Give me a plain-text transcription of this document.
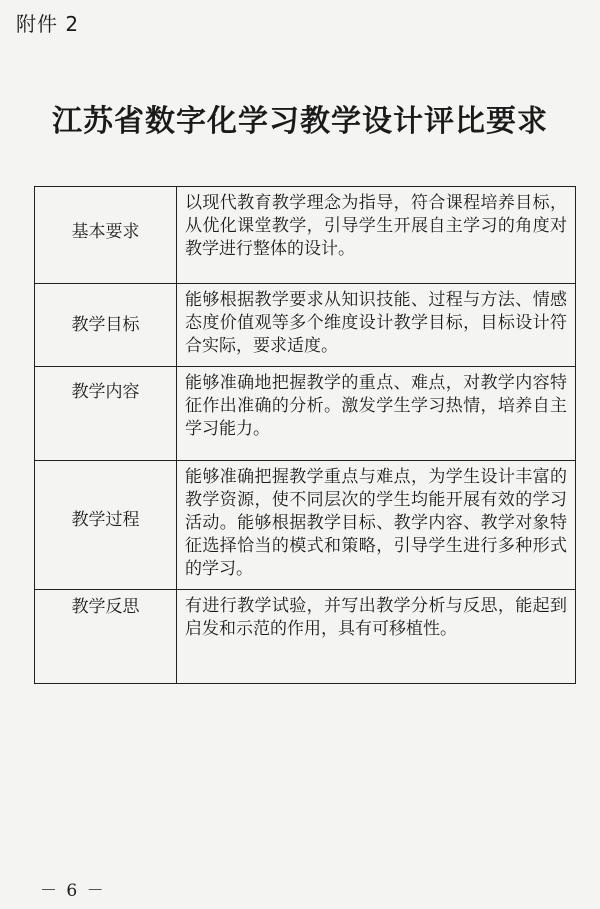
附件 2
江苏省数字化学习教学设计评比要求
基本要求	以现代教育教学理念为指导，符合课程培养目标，从优化课堂教学，引导学生开展自主学习的角度对教学进行整体的设计。
教学目标	能够根据教学要求从知识技能、过程与方法、情感态度价值观等多个维度设计教学目标，目标设计符合实际，要求适度。
教学内容	能够准确地把握教学的重点、难点，对教学内容特征作出准确的分析。激发学生学习热情，培养自主学习能力。
教学过程	能够准确把握教学重点与难点，为学生设计丰富的教学资源，使不同层次的学生均能开展有效的学习活动。能够根据教学目标、教学内容、教学对象特征选择恰当的模式和策略，引导学生进行多种形式的学习。
教学反思	有进行教学试验，并写出教学分析与反思，能起到启发和示范的作用，具有可移植性。
－ 6 －
